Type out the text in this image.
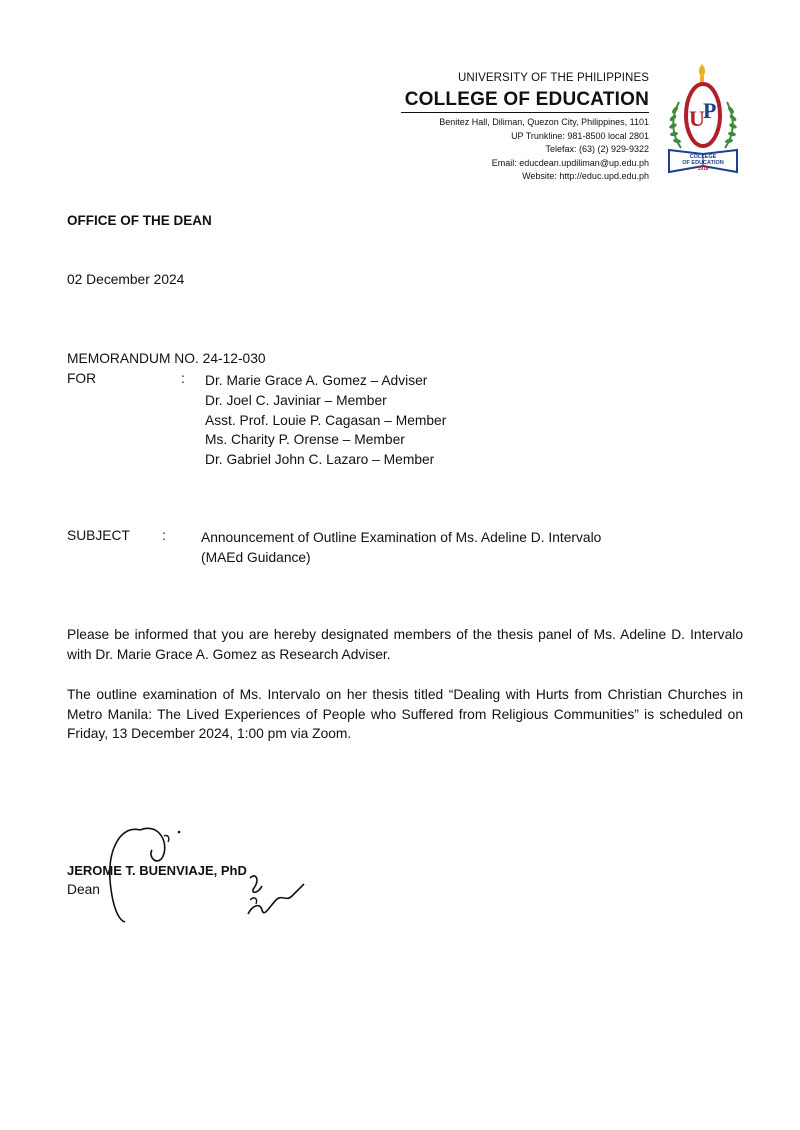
UNIVERSITY OF THE PHILIPPINES
COLLEGE OF EDUCATION
Benitez Hall, Diliman, Quezon City, Philippines, 1101
UP Trunkline: 981-8500 local 2801
Telefax: (63) (2) 929-9322
Email: educdean.updiliman@up.edu.ph
Website: http://educ.upd.edu.ph
U
P
COLLEGE
OF EDUCATION
1918
OFFICE OF THE DEAN
02 December 2024
MEMORANDUM NO. 24-12-030
FOR	: Dr. Marie Grace A. Gomez – Adviser
Dr. Joel C. Javiniar – Member
Asst. Prof. Louie P. Cagasan – Member
Ms. Charity P. Orense – Member
Dr. Gabriel John C. Lazaro – Member
SUBJECT :	Announcement of Outline Examination of Ms. Adeline D. Intervalo
(MAEd Guidance)
Please be informed that you are hereby designated members of the thesis panel of Ms. Adeline D. Intervalo with Dr. Marie Grace A. Gomez as Research Adviser.
The outline examination of Ms. Intervalo on her thesis titled “Dealing with Hurts from Christian Churches in Metro Manila: The Lived Experiences of People who Suffered from Religious Communities” is scheduled on Friday, 13 December 2024, 1:00 pm via Zoom.
JEROME T. BUENVIAJE, PhD
Dean
